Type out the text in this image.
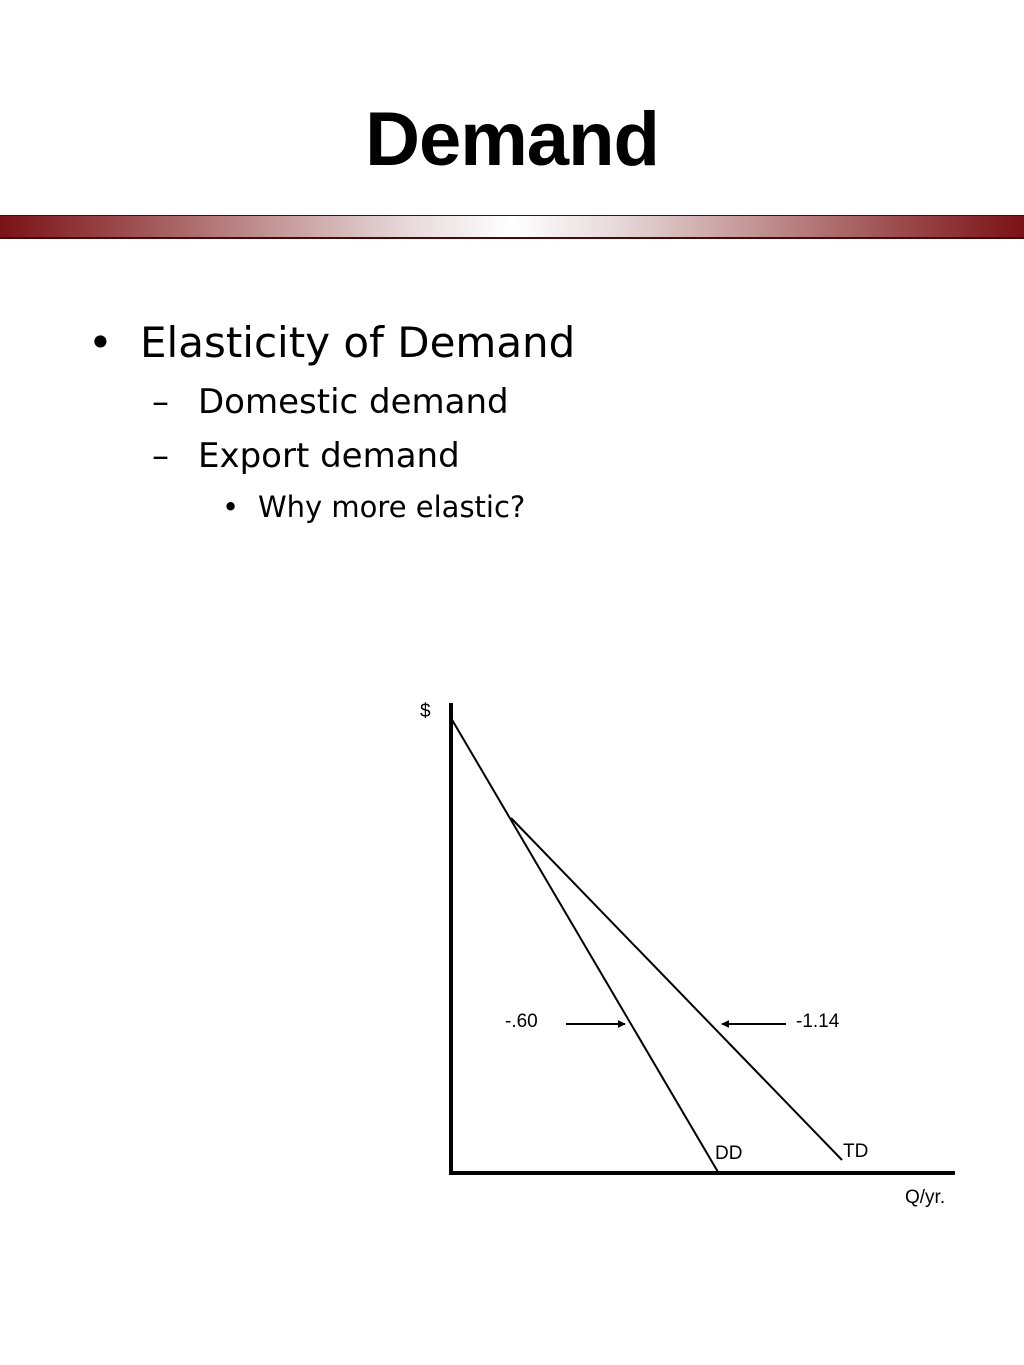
Demand
• Elasticity of Demand
– Domestic demand
– Export demand
• Why more elastic?
$
Q/yr.
DD	TD
-.60	-1.14
